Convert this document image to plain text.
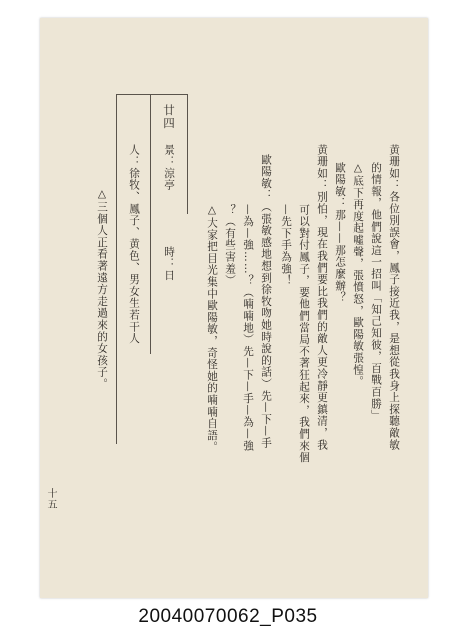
黄珊如：各位別誤會，鳳子接近我，是想從我身上探聽敵敏
的情報，他們說這一招叫「知己知彼，百戰百勝」
△底下再度起噓聲，張憤怒，歐陽敏張惶。
歐陽敏：那——那怎麼辦？
黄珊如：別怕，現在我們要比我們的敵人更冷靜更鎮清，我
可以對付鳳子，要他們當局不著狂起來，我們來個
—先下手為強！
歐陽敏：（張敏感地想到徐牧吻她時說的話）先—下—手
—為—強……？（喃喃地）先—下—手—為—強
？（有些害羞）
△大家把目光集中歐陽敏，奇怪她的喃喃自語。
廿四
景：涼亭
時：日
人：徐牧、鳳子、黄色、男女生若干人
△三個人正看著遠方走過來的女孩子。
十五
20040070062_P035
